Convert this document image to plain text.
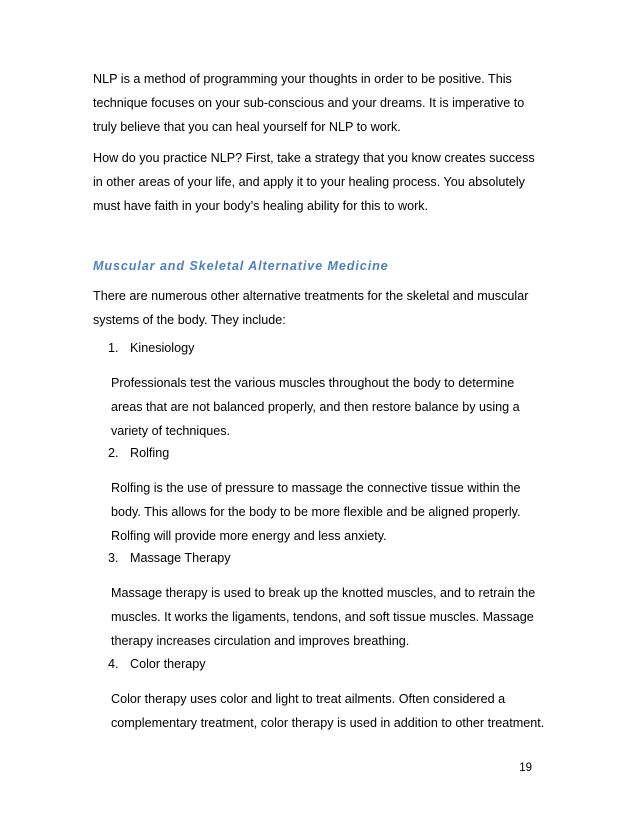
NLP is a method of programming your thoughts in order to be positive. This
technique focuses on your sub-conscious and your dreams. It is imperative to
truly believe that you can heal yourself for NLP to work.

How do you practice NLP? First, take a strategy that you know creates success
in other areas of your life, and apply it to your healing process. You absolutely
must have faith in your body’s healing ability for this to work.

Muscular and Skeletal Alternative Medicine

There are numerous other alternative treatments for the skeletal and muscular
systems of the body. They include:

1. Kinesiology

Professionals test the various muscles throughout the body to determine
areas that are not balanced properly, and then restore balance by using a
variety of techniques.

2. Rolfing

Rolfing is the use of pressure to massage the connective tissue within the
body. This allows for the body to be more flexible and be aligned properly.
Rolfing will provide more energy and less anxiety.

3. Massage Therapy

Massage therapy is used to break up the knotted muscles, and to retrain the
muscles. It works the ligaments, tendons, and soft tissue muscles. Massage
therapy increases circulation and improves breathing.

4. Color therapy

Color therapy uses color and light to treat ailments. Often considered a
complementary treatment, color therapy is used in addition to other treatment.

19
